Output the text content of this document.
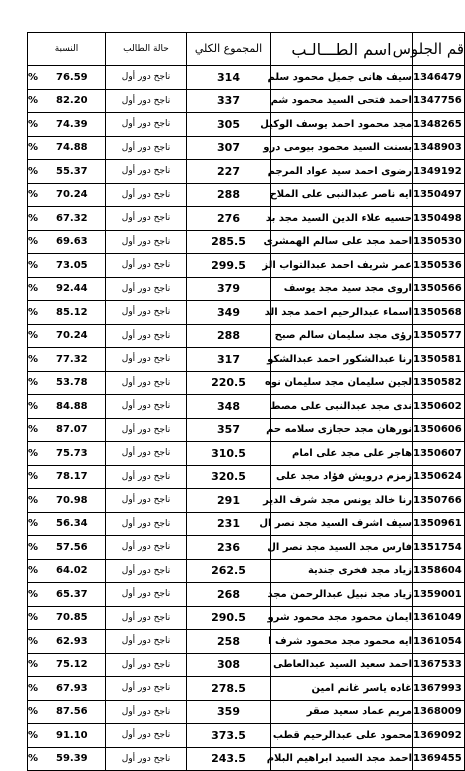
قم الجلوس	اسم الطـــالـب	المجموع الكلي	حالة الطالب	النسبة
1346479	سيف هانى جميل محمود سلم	314	ناجح دور أول	% 76.59
1347756	احمد فتحى السيد محمود شم	337	ناجح دور أول	% 82.20
1348265	مجد محمود احمد يوسف الوكيل	305	ناجح دور أول	% 74.39
1348903	بسنت السيد محمود بيومى درو	307	ناجح دور أول	% 74.88
1349192	رضوى احمد سيد عواد المرجم	227	ناجح دور أول	% 55.37
1350497	ايه ناصر عبدالنبى على الملاح	288	ناجح دور أول	% 70.24
1350498	حسيه علاء الدين السيد مجد بد	276	ناجح دور أول	% 67.32
1350530	احمد مجد على سالم الهمشرى	285.5	ناجح دور أول	% 69.63
1350536	عمر شريف احمد عبدالتواب الز	299.5	ناجح دور أول	% 73.05
1350566	اروى مجد سيد مجد يوسف	379	ناجح دور أول	% 92.44
1350568	اسماء عبدالرحيم احمد مجد الد	349	ناجح دور أول	% 85.12
1350577	رؤى مجد سليمان سالم صبح	288	ناجح دور أول	% 70.24
1350581	رنا عبدالشكور احمد عبدالشكو	317	ناجح دور أول	% 77.32
1350582	لجين سليمان مجد سليمان نوه	220.5	ناجح دور أول	% 53.78
1350602	ندى مجد عبدالنبى على مصط	348	ناجح دور أول	% 84.88
1350606	نورهان مجد حجازى سلامه حم	357	ناجح دور أول	% 87.07
1350607	هاجر على مجد على امام	310.5	ناجح دور أول	% 75.73
1350624	زمزم درويش فؤاد مجد على	320.5	ناجح دور أول	% 78.17
1350766	رنا خالد يونس مجد شرف الدير	291	ناجح دور أول	% 70.98
1350961	سيف اشرف السيد مجد نصر ال	231	ناجح دور أول	% 56.34
1351754	فارس مجد السيد مجد نصر ال	236	ناجح دور أول	% 57.56
1358604	زياد مجد فخرى جندية	262.5	ناجح دور أول	% 64.02
1359001	زياد مجد نبيل عبدالرحمن مجد	268	ناجح دور أول	% 65.37
1361049	ايمان محمود مجد محمود شرو	290.5	ناجح دور أول	% 70.85
1361054	ايه محمود مجد محمود شرف ا	258	ناجح دور أول	% 62.93
1367533	احمد سعيد السيد عبدالعاطى	308	ناجح دور أول	% 75.12
1367993	غاده ياسر غانم امين	278.5	ناجح دور أول	% 67.93
1368009	مريم عماد سعيد صقر	359	ناجح دور أول	% 87.56
1369092	محمود على عبدالرحيم قطب	373.5	ناجح دور أول	% 91.10
1369455	احمد مجد السيد ابراهيم البلام	243.5	ناجح دور أول	% 59.39
